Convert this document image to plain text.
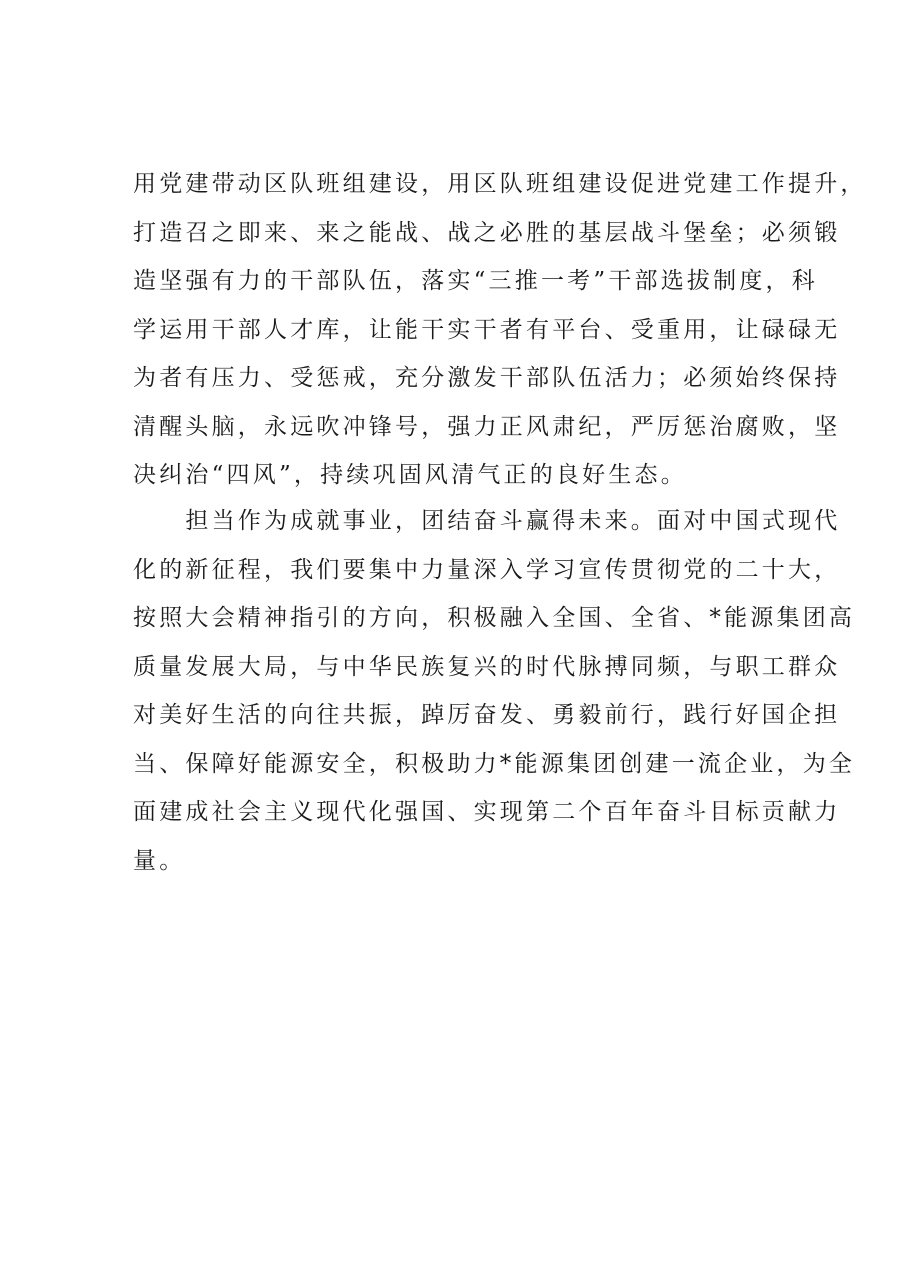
用党建带动区队班组建设，用区队班组建设促进党建工作提升，
打造召之即来、来之能战、战之必胜的基层战斗堡垒；必须锻
造坚强有力的干部队伍，落实“三推一考”干部选拔制度，科
学运用干部人才库，让能干实干者有平台、受重用，让碌碌无
为者有压力、受惩戒，充分激发干部队伍活力；必须始终保持
清醒头脑，永远吹冲锋号，强力正风肃纪，严厉惩治腐败，坚
决纠治“四风”，持续巩固风清气正的良好生态。
　　担当作为成就事业，团结奋斗赢得未来。面对中国式现代
化的新征程，我们要集中力量深入学习宣传贯彻党的二十大，
按照大会精神指引的方向，积极融入全国、全省、*能源集团高
质量发展大局，与中华民族复兴的时代脉搏同频，与职工群众
对美好生活的向往共振，踔厉奋发、勇毅前行，践行好国企担
当、保障好能源安全，积极助力*能源集团创建一流企业，为全
面建成社会主义现代化强国、实现第二个百年奋斗目标贡献力
量。
